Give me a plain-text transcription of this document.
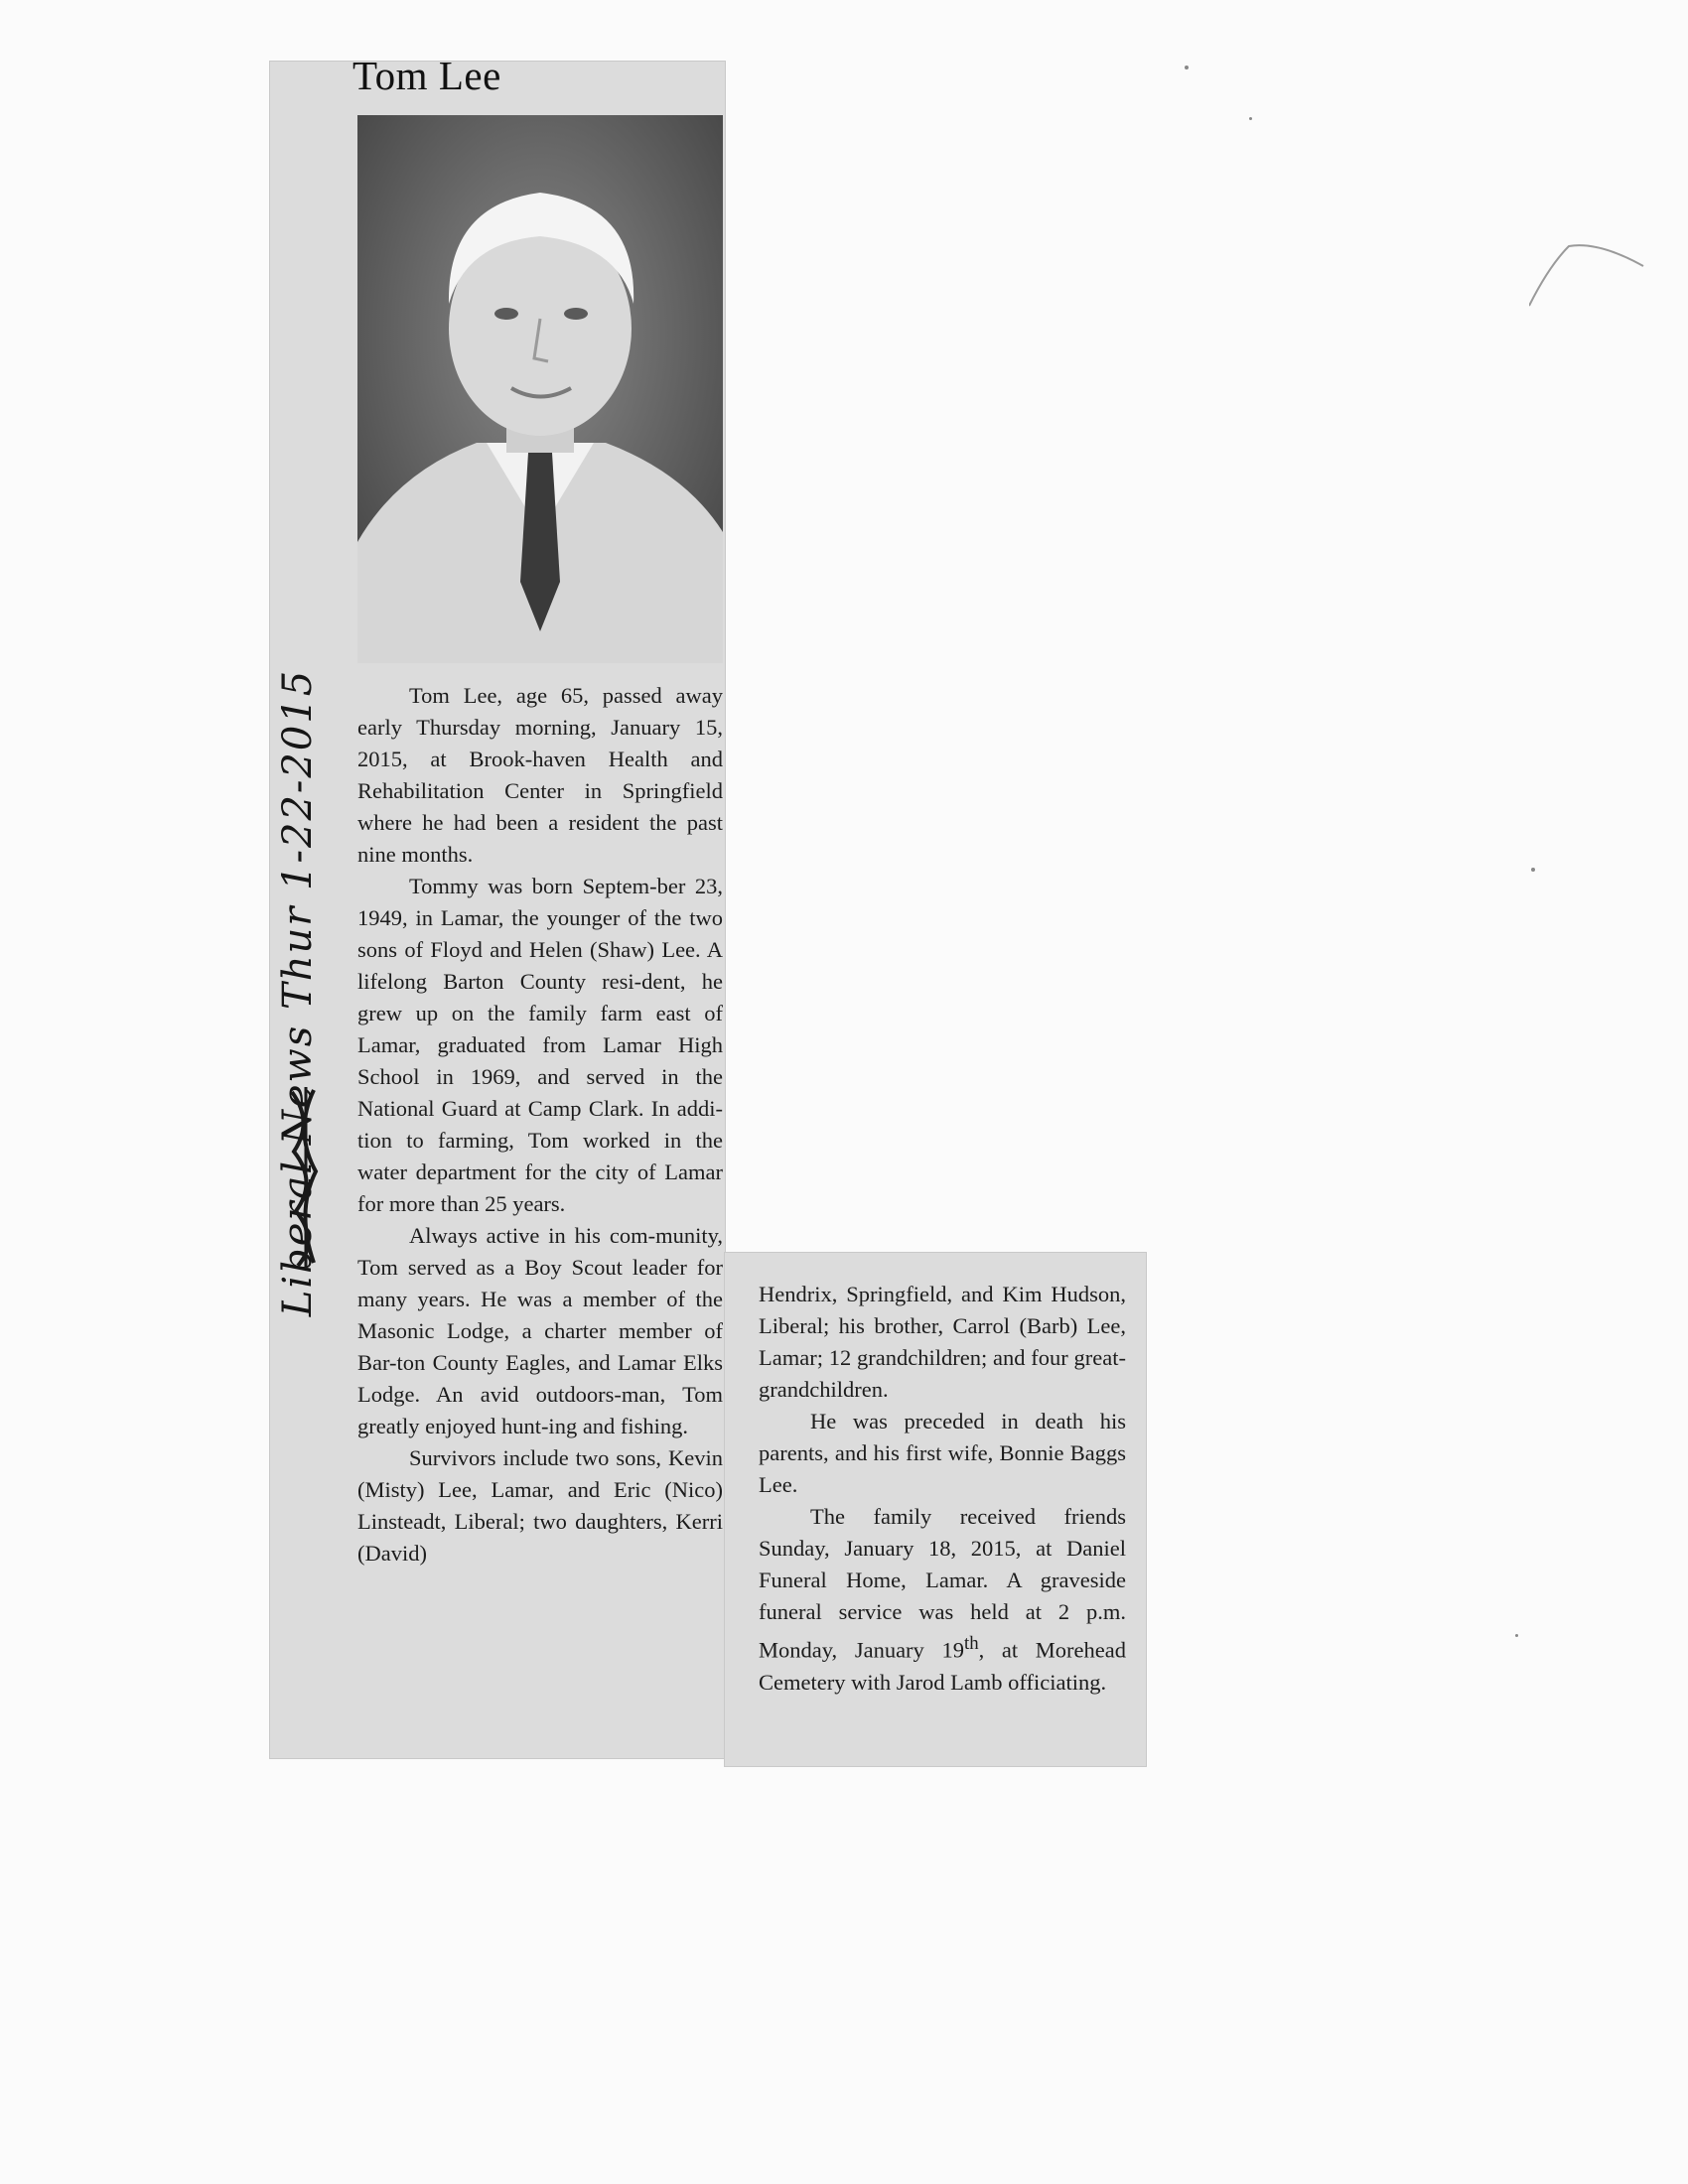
Tom Lee

Tom Lee, age 65, passed away early Thursday morning, January 15, 2015, at Brook-haven Health and Rehabilitation Center in Springfield where he had been a resident the past nine months.

Tommy was born Septem-ber 23, 1949, in Lamar, the younger of the two sons of Floyd and Helen (Shaw) Lee. A lifelong Barton County resi-dent, he grew up on the family farm east of Lamar, graduated from Lamar High School in 1969, and served in the National Guard at Camp Clark. In addi-tion to farming, Tom worked in the water department for the city of Lamar for more than 25 years.

Always active in his com-munity, Tom served as a Boy Scout leader for many years. He was a member of the Masonic Lodge, a charter member of Bar-ton County Eagles, and Lamar Elks Lodge. An avid outdoors-man, Tom greatly enjoyed hunt-ing and fishing.

Survivors include two sons, Kevin (Misty) Lee, Lamar, and Eric (Nico) Linsteadt, Liberal; two daughters, Kerri (David)

Hendrix, Springfield, and Kim Hudson, Liberal; his brother, Carrol (Barb) Lee, Lamar; 12 grandchildren; and four great-grandchildren.

He was preceded in death his parents, and his first wife, Bonnie Baggs Lee.

The family received friends Sunday, January 18, 2015, at Daniel Funeral Home, Lamar. A graveside funeral service was held at 2 p.m. Monday, January 19th, at Morehead Cemetery with Jarod Lamb officiating.

Liberal News Thur 1-22-2015
